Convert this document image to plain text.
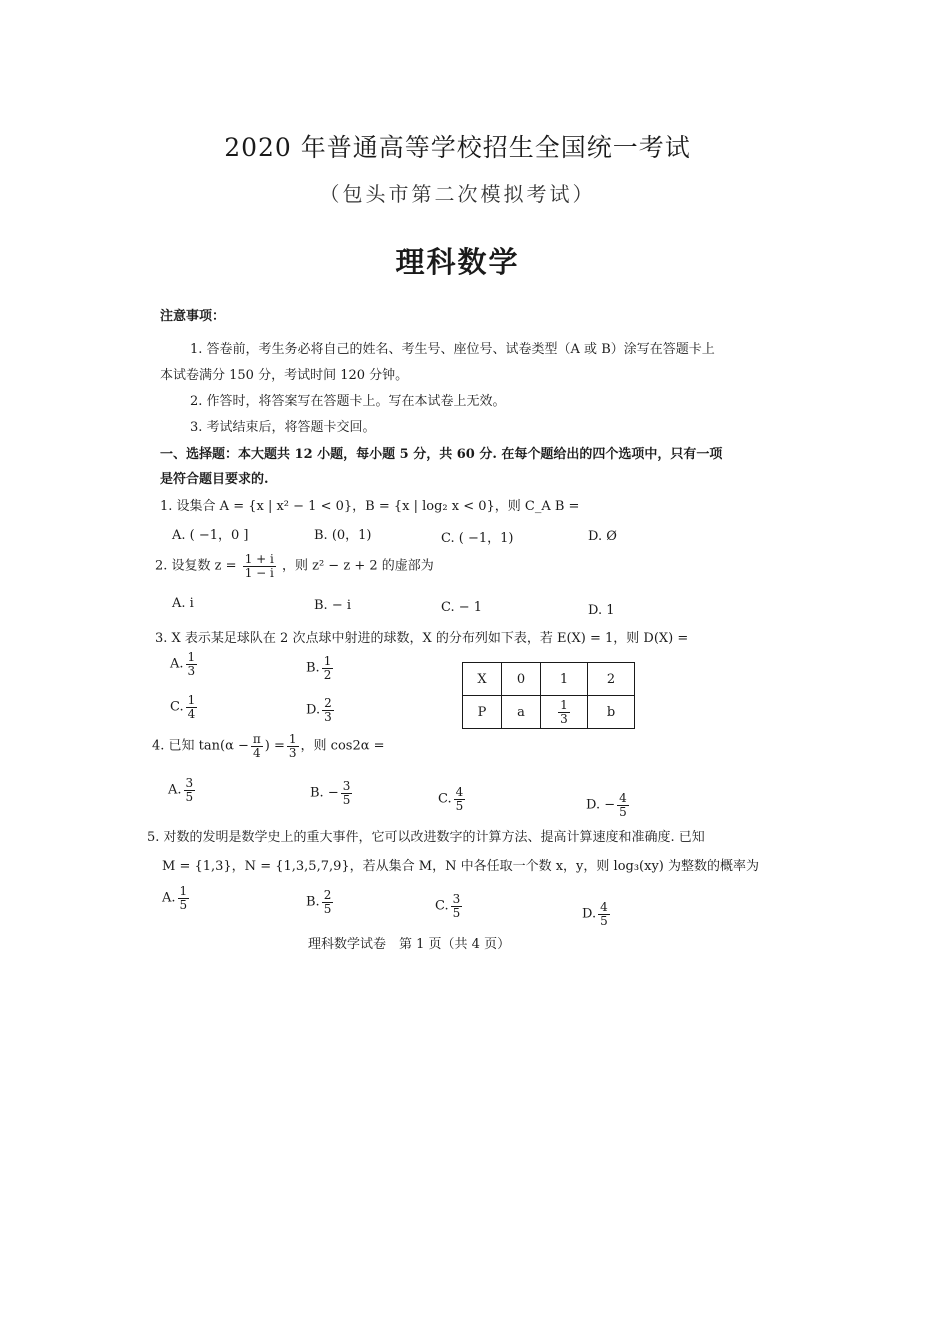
2020 年普通高等学校招生全国统一考试
（包头市第二次模拟考试）
理科数学
注意事项：
1. 答卷前，考生务必将自己的姓名、考生号、座位号、试卷类型（A 或 B）涂写在答题卡上
本试卷满分 150 分，考试时间 120 分钟。
2. 作答时，将答案写在答题卡上。写在本试卷上无效。
3. 考试结束后，将答题卡交回。
一、选择题：本大题共 12 小题，每小题 5 分，共 60 分. 在每个题给出的四个选项中，只有一项
是符合题目要求的.
1. 设集合 A = {x | x² − 1 < 0}，B = {x | log₂ x < 0}，则 C_A B =
A. ( −1，0 ]	B. (0，1)	C. ( −1，1)	D. Ø
2. 设复数 $z = \frac{1 + i}{1 - i}$ ，则 z² − z + 2 的虚部为
A. i	B. − i	C. − 1	D. 1
3. X 表示某足球队在 2 次点球中射进的球数，X 的分布列如下表，若 E(X) = 1，则 D(X) =
A. $\frac{1}{3}$	B. $\frac{1}{2}$
C. $\frac{1}{4}$	D. $\frac{2}{3}$
X	0	1	2
P	a	$\frac{1}{3}$	b
4. 已知 $\tan(\alpha - \frac{\pi}{4}$ ) = $\frac{1}{3}$ ，则 cos2α =
A. $\frac{3}{5}$	B. − $\frac{3}{5}$	C. $\frac{4}{5}$	D. − $\frac{4}{5}$
5. 对数的发明是数学史上的重大事件，它可以改进数字的计算方法、提高计算速度和准确度. 已知
M = {1,3}，N = {1,3,5,7,9}，若从集合 M，N 中各任取一个数 x，y，则 log₃(xy) 为整数的概率为
A. $\frac{1}{5}$	B. $\frac{2}{5}$	C. $\frac{3}{5}$	D. $\frac{4}{5}$
理科数学试卷　第 1 页（共 4 页）
